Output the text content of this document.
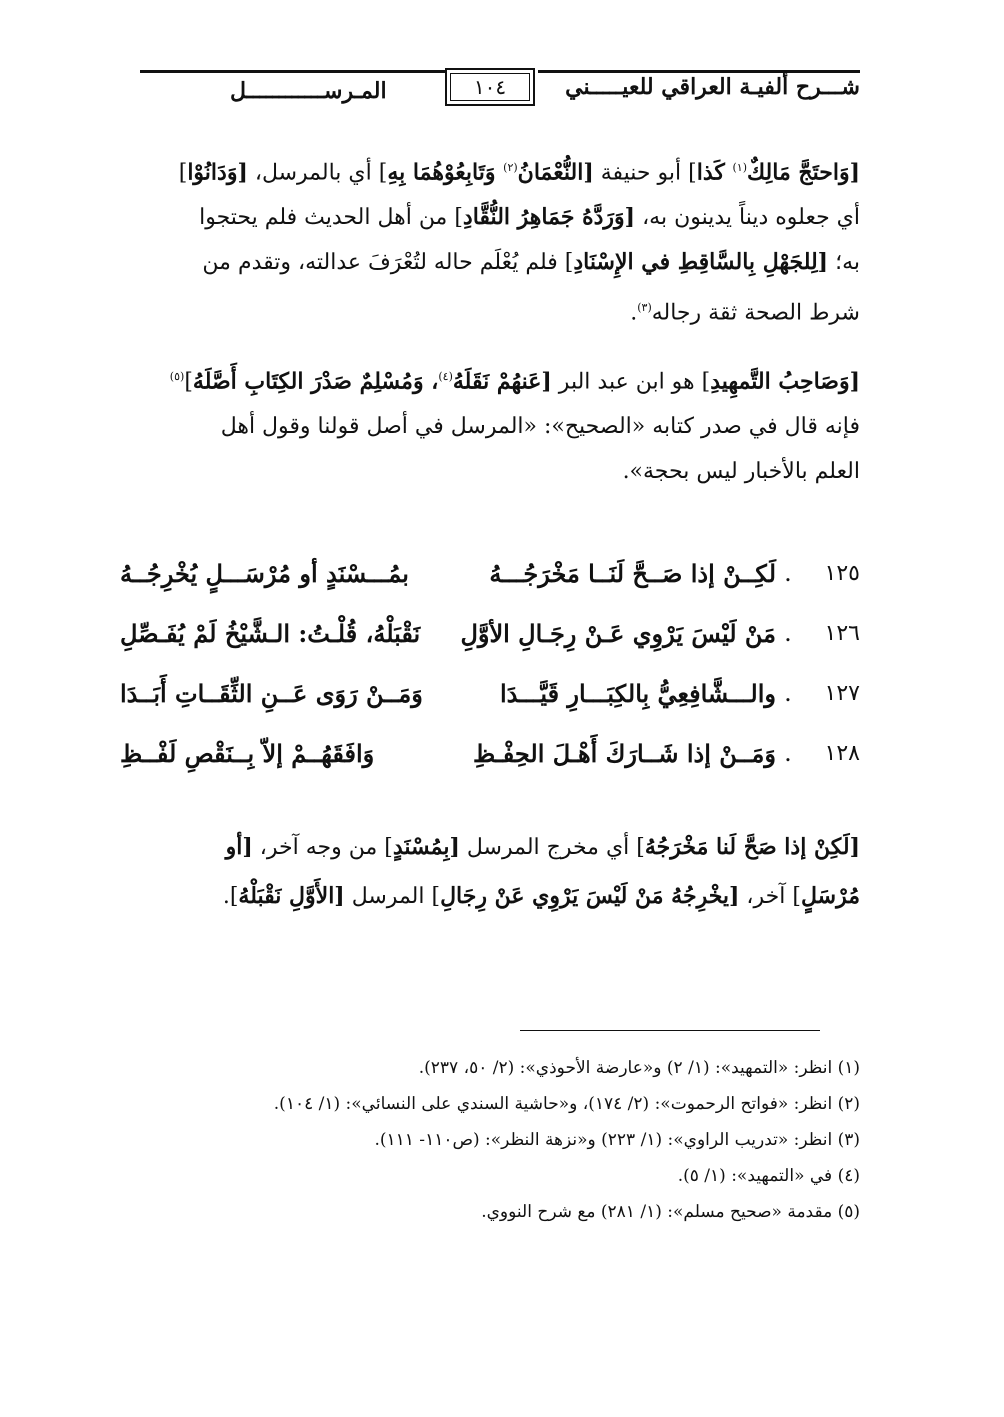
شـــرح ألفيـة العراقي للعيـــــني
١٠٤
المـرســــــــــــل

[وَاحتَجَّ مَالِكٌ$^{(١)}$ كَذا] أبو حنيفة [النُّعْمَانُ$^{(٢)}$ وَتَابِعُوْهُمَا بِهِ] أي بالمرسل، [وَدَانُوْا]

أي جعلوه ديناً يدينون به، [وَرَدَّهُ جَمَاهِرُ النُّقَّادِ] من أهل الحديث فلم يحتجوا

به؛ [لِلجَهْلِ بِالسَّاقِطِ في الإِسْنَادِ] فلم يُعْلَم حاله لتُعْرَفَ عدالته، وتقدم من

شرط الصحة ثقة رجاله$^{(٣)}$.

[وَصَاحِبُ التَّمهِيدِ] هو ابن عبد البر [عَنهُمْ نَقَلَهُ$^{(٤)}$، وَمُسْلِمٌ صَدْرَ الكِتَابِ أَصَّلَهُ]$^{(٥)}$

فإنه قال في صدر كتابه «الصحيح»: «المرسل في أصل قولنا وقول أهل

العلم بالأخبار ليس بحجة».

١٢٥
.
لَكِــنْ إذا صَــحَّ لَنَــا مَخْرَجُـــهُ
بمُـــسْنَدٍ أو مُرْسَـــلٍ يُخْرِجُــهُ
١٢٦
.
مَنْ لَيْسَ يَرْوِي عَـنْ رِجَـالِ الأوَّلِ
نَقْبَلْهُ، قُلْـتُ: الـشَّيْخُ لَمْ يُفَـصِّلِ
١٢٧
.
والـــشَّافِعِيُّ بِالكِبَـــارِ قَيَّـــدَا
وَمَــنْ رَوَى عَــنِ الثِّقَــاتِ أَبَــدَا
١٢٨
.
وَمَــنْ إذا شَــارَكَ أَهْـلَ الحِفْـظِ
وَافَقَهُــمْ إلاّ بِــنَقْصِ لَفْــظِ
[لَكِنْ إذا صَحَّ لَنا مَخْرَجُهُ] أي مخرج المرسل [بِمُسْنَدٍ] من وجه آخر، [أو
مُرْسَلٍ] آخر، [يخْرِجُهُ مَنْ لَيْسَ يَرْوِي عَنْ رِجَالِ] المرسل [الأَوَّلِ نَقْبَلْهُ].
(١) انظر: «التمهيد»: (١/ ٢) و«عارضة الأحوذي»: (٢/ ٥٠، ٢٣٧).
(٢) انظر: «فواتح الرحموت»: (٢/ ١٧٤)، و«حاشية السندي على النسائي»: (١/ ١٠٤).
(٣) انظر: «تدريب الراوي»: (١/ ٢٢٣) و«نزهة النظر»: (ص١١٠- ١١١).
(٤) في «التمهيد»: (١/ ٥).
(٥) مقدمة «صحيح مسلم»: (١/ ٢٨١) مع شرح النووي.
